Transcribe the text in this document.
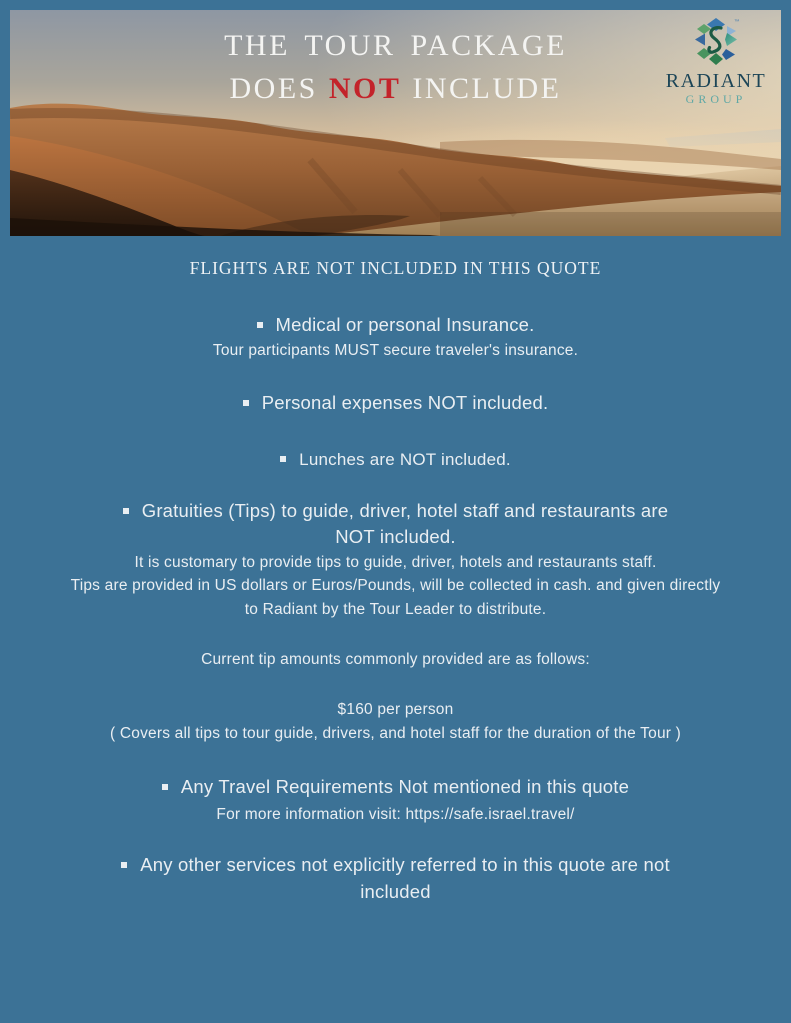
THE TOUR PACKAGE
DOES NOT INCLUDE
™
RADIANT
GROUP

FLIGHTS ARE NOT INCLUDED IN THIS QUOTE

Medical or personal Insurance.

Tour participants MUST secure traveler's insurance.

Personal expenses NOT included.

Lunches are NOT included.

Gratuities (Tips) to guide, driver, hotel staff and restaurants are NOT included.

It is customary to provide tips to guide, driver, hotels and restaurants staff.

Tips are provided in US dollars or Euros/Pounds, will be collected in cash. and given directly to Radiant by the Tour Leader to distribute.

Current tip amounts commonly provided are as follows:

$160 per person

( Covers all tips to tour guide, drivers, and hotel staff for the duration of the Tour )

Any Travel Requirements Not mentioned in this quote

For more information visit: https://safe.israel.travel/

Any other services not explicitly referred to in this quote are not included
